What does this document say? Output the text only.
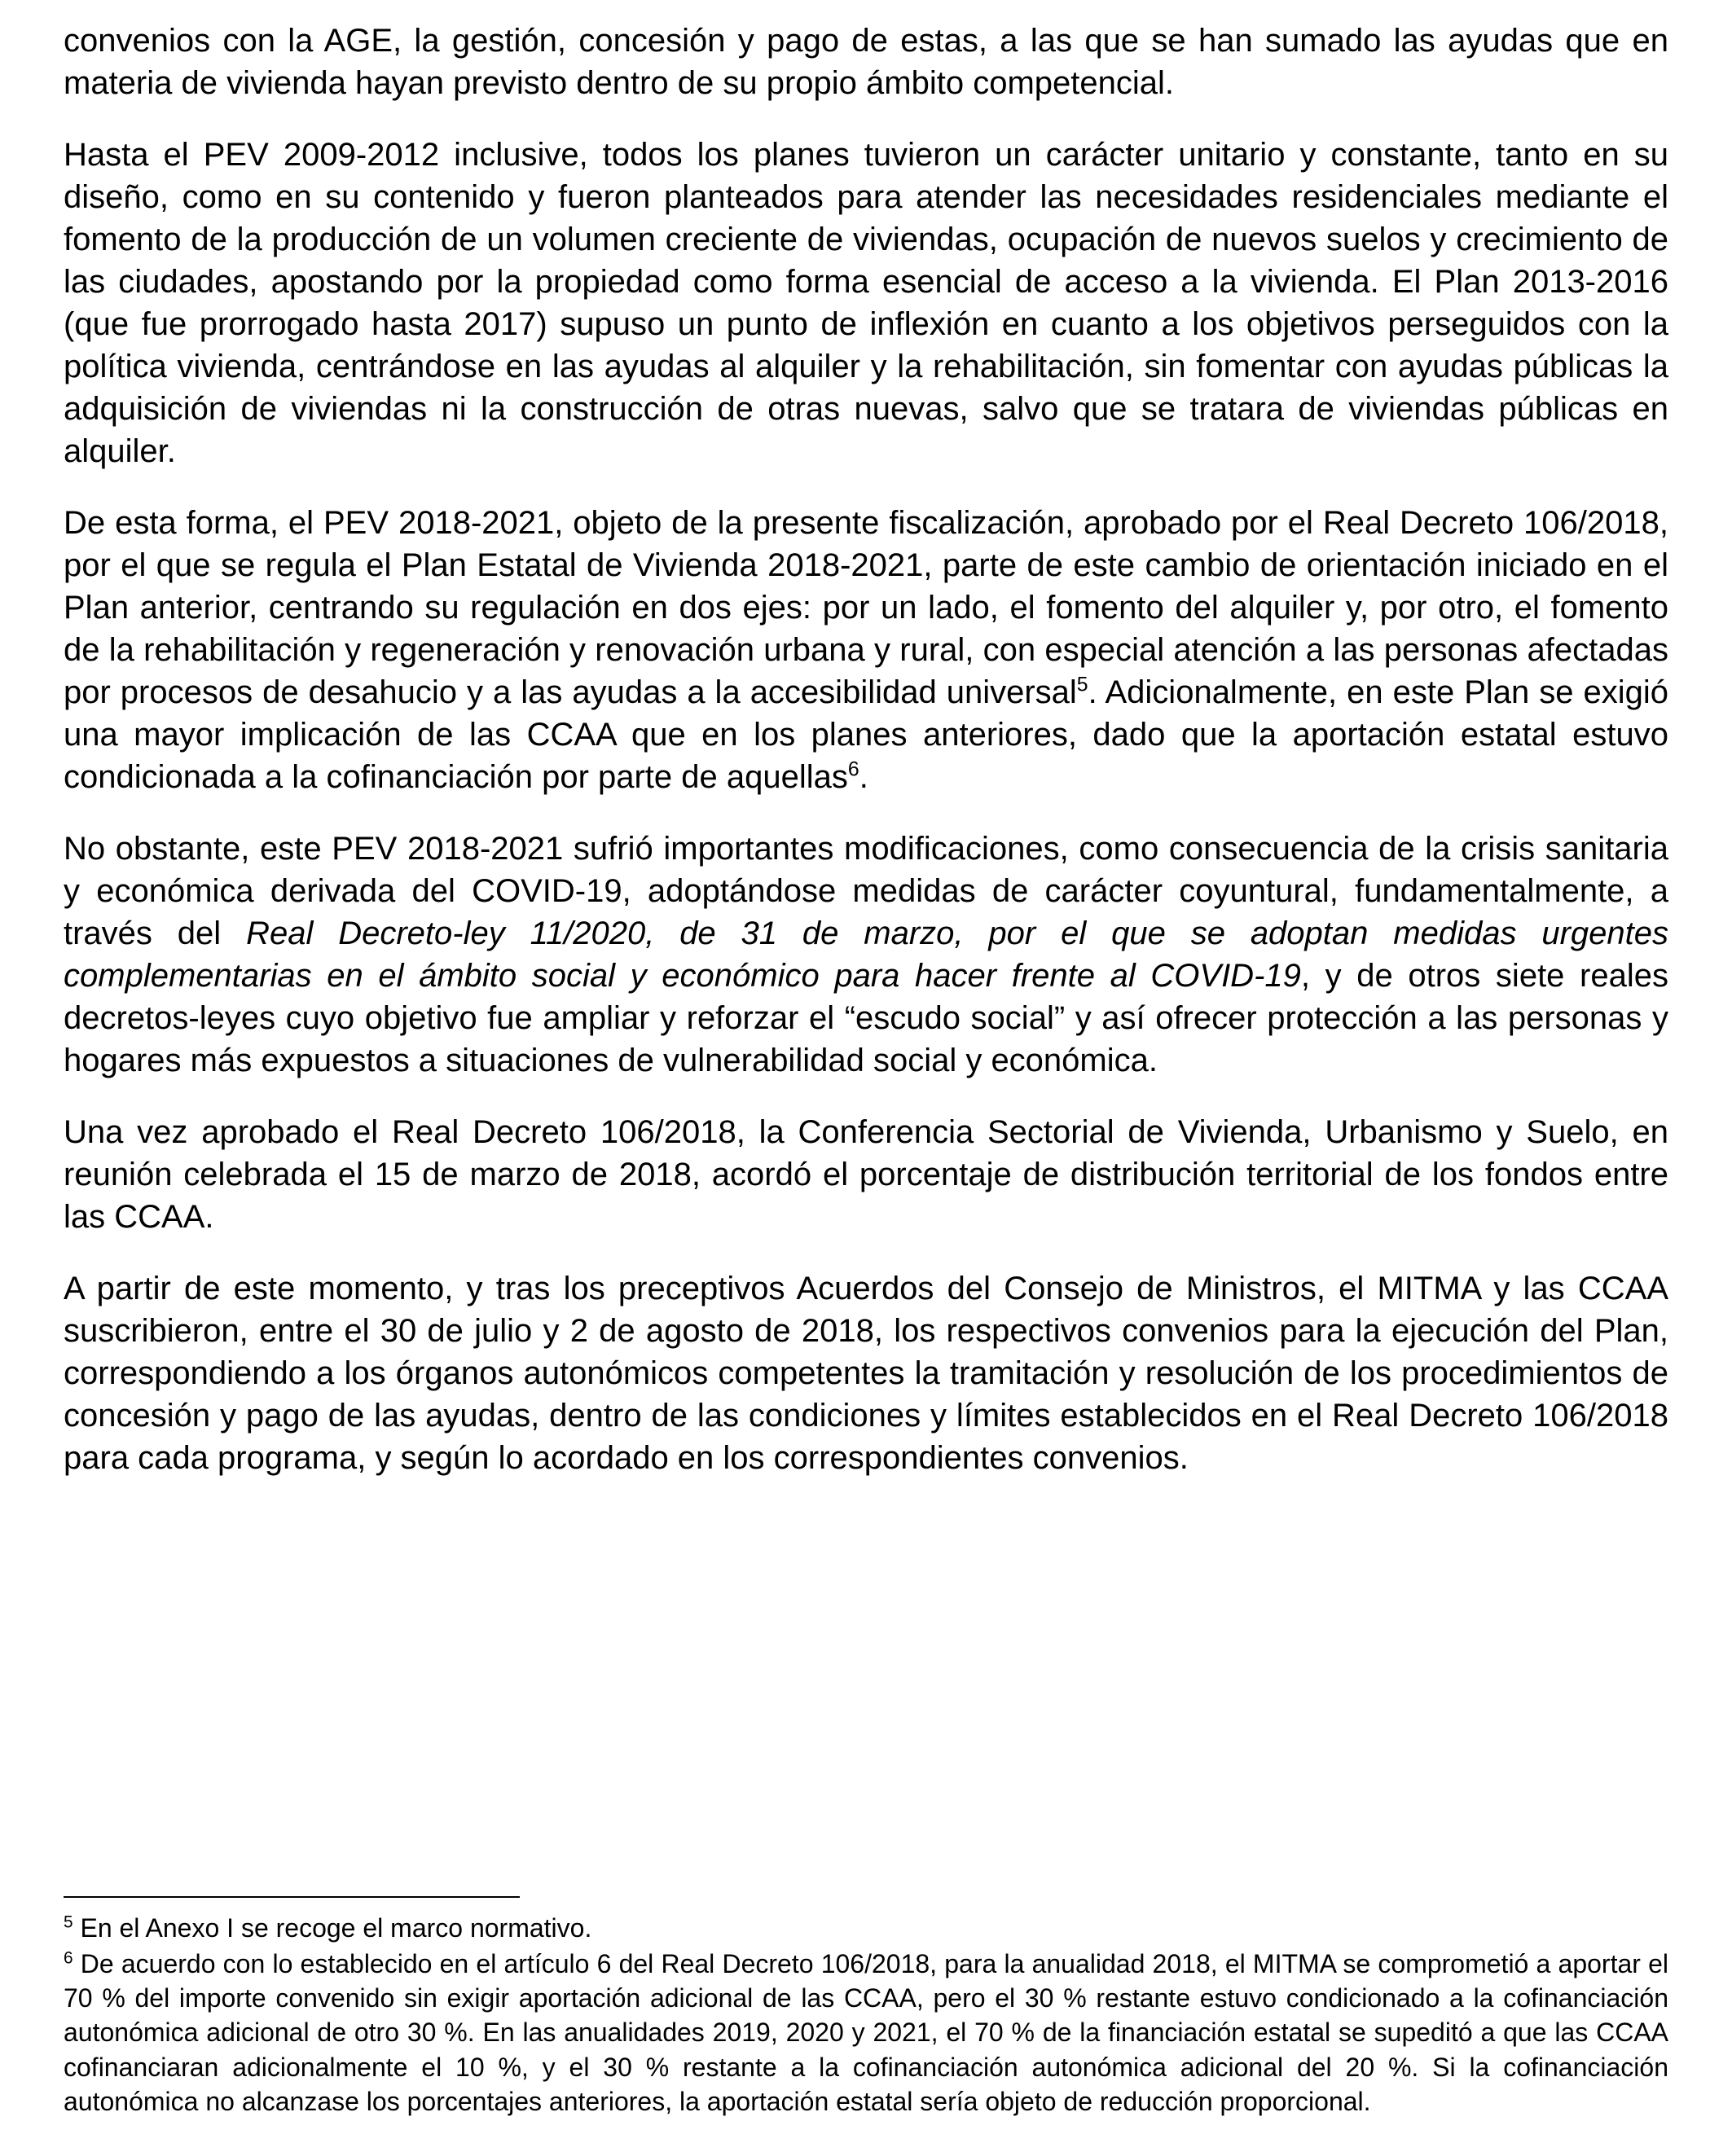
convenios con la AGE, la gestión, concesión y pago de estas, a las que se han sumado las ayudas que en materia de vivienda hayan previsto dentro de su propio ámbito competencial.

Hasta el PEV 2009-2012 inclusive, todos los planes tuvieron un carácter unitario y constante, tanto en su diseño, como en su contenido y fueron planteados para atender las necesidades residenciales mediante el fomento de la producción de un volumen creciente de viviendas, ocupación de nuevos suelos y crecimiento de las ciudades, apostando por la propiedad como forma esencial de acceso a la vivienda. El Plan 2013-2016 (que fue prorrogado hasta 2017) supuso un punto de inflexión en cuanto a los objetivos perseguidos con la política vivienda, centrándose en las ayudas al alquiler y la rehabilitación, sin fomentar con ayudas públicas la adquisición de viviendas ni la construcción de otras nuevas, salvo que se tratara de viviendas públicas en alquiler.

De esta forma, el PEV 2018-2021, objeto de la presente fiscalización, aprobado por el Real Decreto 106/2018, por el que se regula el Plan Estatal de Vivienda 2018-2021, parte de este cambio de orientación iniciado en el Plan anterior, centrando su regulación en dos ejes: por un lado, el fomento del alquiler y, por otro, el fomento de la rehabilitación y regeneración y renovación urbana y rural, con especial atención a las personas afectadas por procesos de desahucio y a las ayudas a la accesibilidad universal$^5$. Adicionalmente, en este Plan se exigió una mayor implicación de las CCAA que en los planes anteriores, dado que la aportación estatal estuvo condicionada a la cofinanciación por parte de aquellas$^6$.

No obstante, este PEV 2018-2021 sufrió importantes modificaciones, como consecuencia de la crisis sanitaria y económica derivada del COVID-19, adoptándose medidas de carácter coyuntural, fundamentalmente, a través del Real Decreto-ley 11/2020, de 31 de marzo, por el que se adoptan medidas urgentes complementarias en el ámbito social y económico para hacer frente al COVID-19, y de otros siete reales decretos-leyes cuyo objetivo fue ampliar y reforzar el “escudo social” y así ofrecer protección a las personas y hogares más expuestos a situaciones de vulnerabilidad social y económica.

Una vez aprobado el Real Decreto 106/2018, la Conferencia Sectorial de Vivienda, Urbanismo y Suelo, en reunión celebrada el 15 de marzo de 2018, acordó el porcentaje de distribución territorial de los fondos entre las CCAA.

A partir de este momento, y tras los preceptivos Acuerdos del Consejo de Ministros, el MITMA y las CCAA suscribieron, entre el 30 de julio y 2 de agosto de 2018, los respectivos convenios para la ejecución del Plan, correspondiendo a los órganos autonómicos competentes la tramitación y resolución de los procedimientos de concesión y pago de las ayudas, dentro de las condiciones y límites establecidos en el Real Decreto 106/2018 para cada programa, y según lo acordado en los correspondientes convenios.

$^5$ En el Anexo I se recoge el marco normativo.

$^6$ De acuerdo con lo establecido en el artículo 6 del Real Decreto 106/2018, para la anualidad 2018, el MITMA se comprometió a aportar el 70 % del importe convenido sin exigir aportación adicional de las CCAA, pero el 30 % restante estuvo condicionado a la cofinanciación autonómica adicional de otro 30 %. En las anualidades 2019, 2020 y 2021, el 70 % de la financiación estatal se supeditó a que las CCAA cofinanciaran adicionalmente el 10 %, y el 30 % restante a la cofinanciación autonómica adicional del 20 %. Si la cofinanciación autonómica no alcanzase los porcentajes anteriores, la aportación estatal sería objeto de reducción proporcional.
